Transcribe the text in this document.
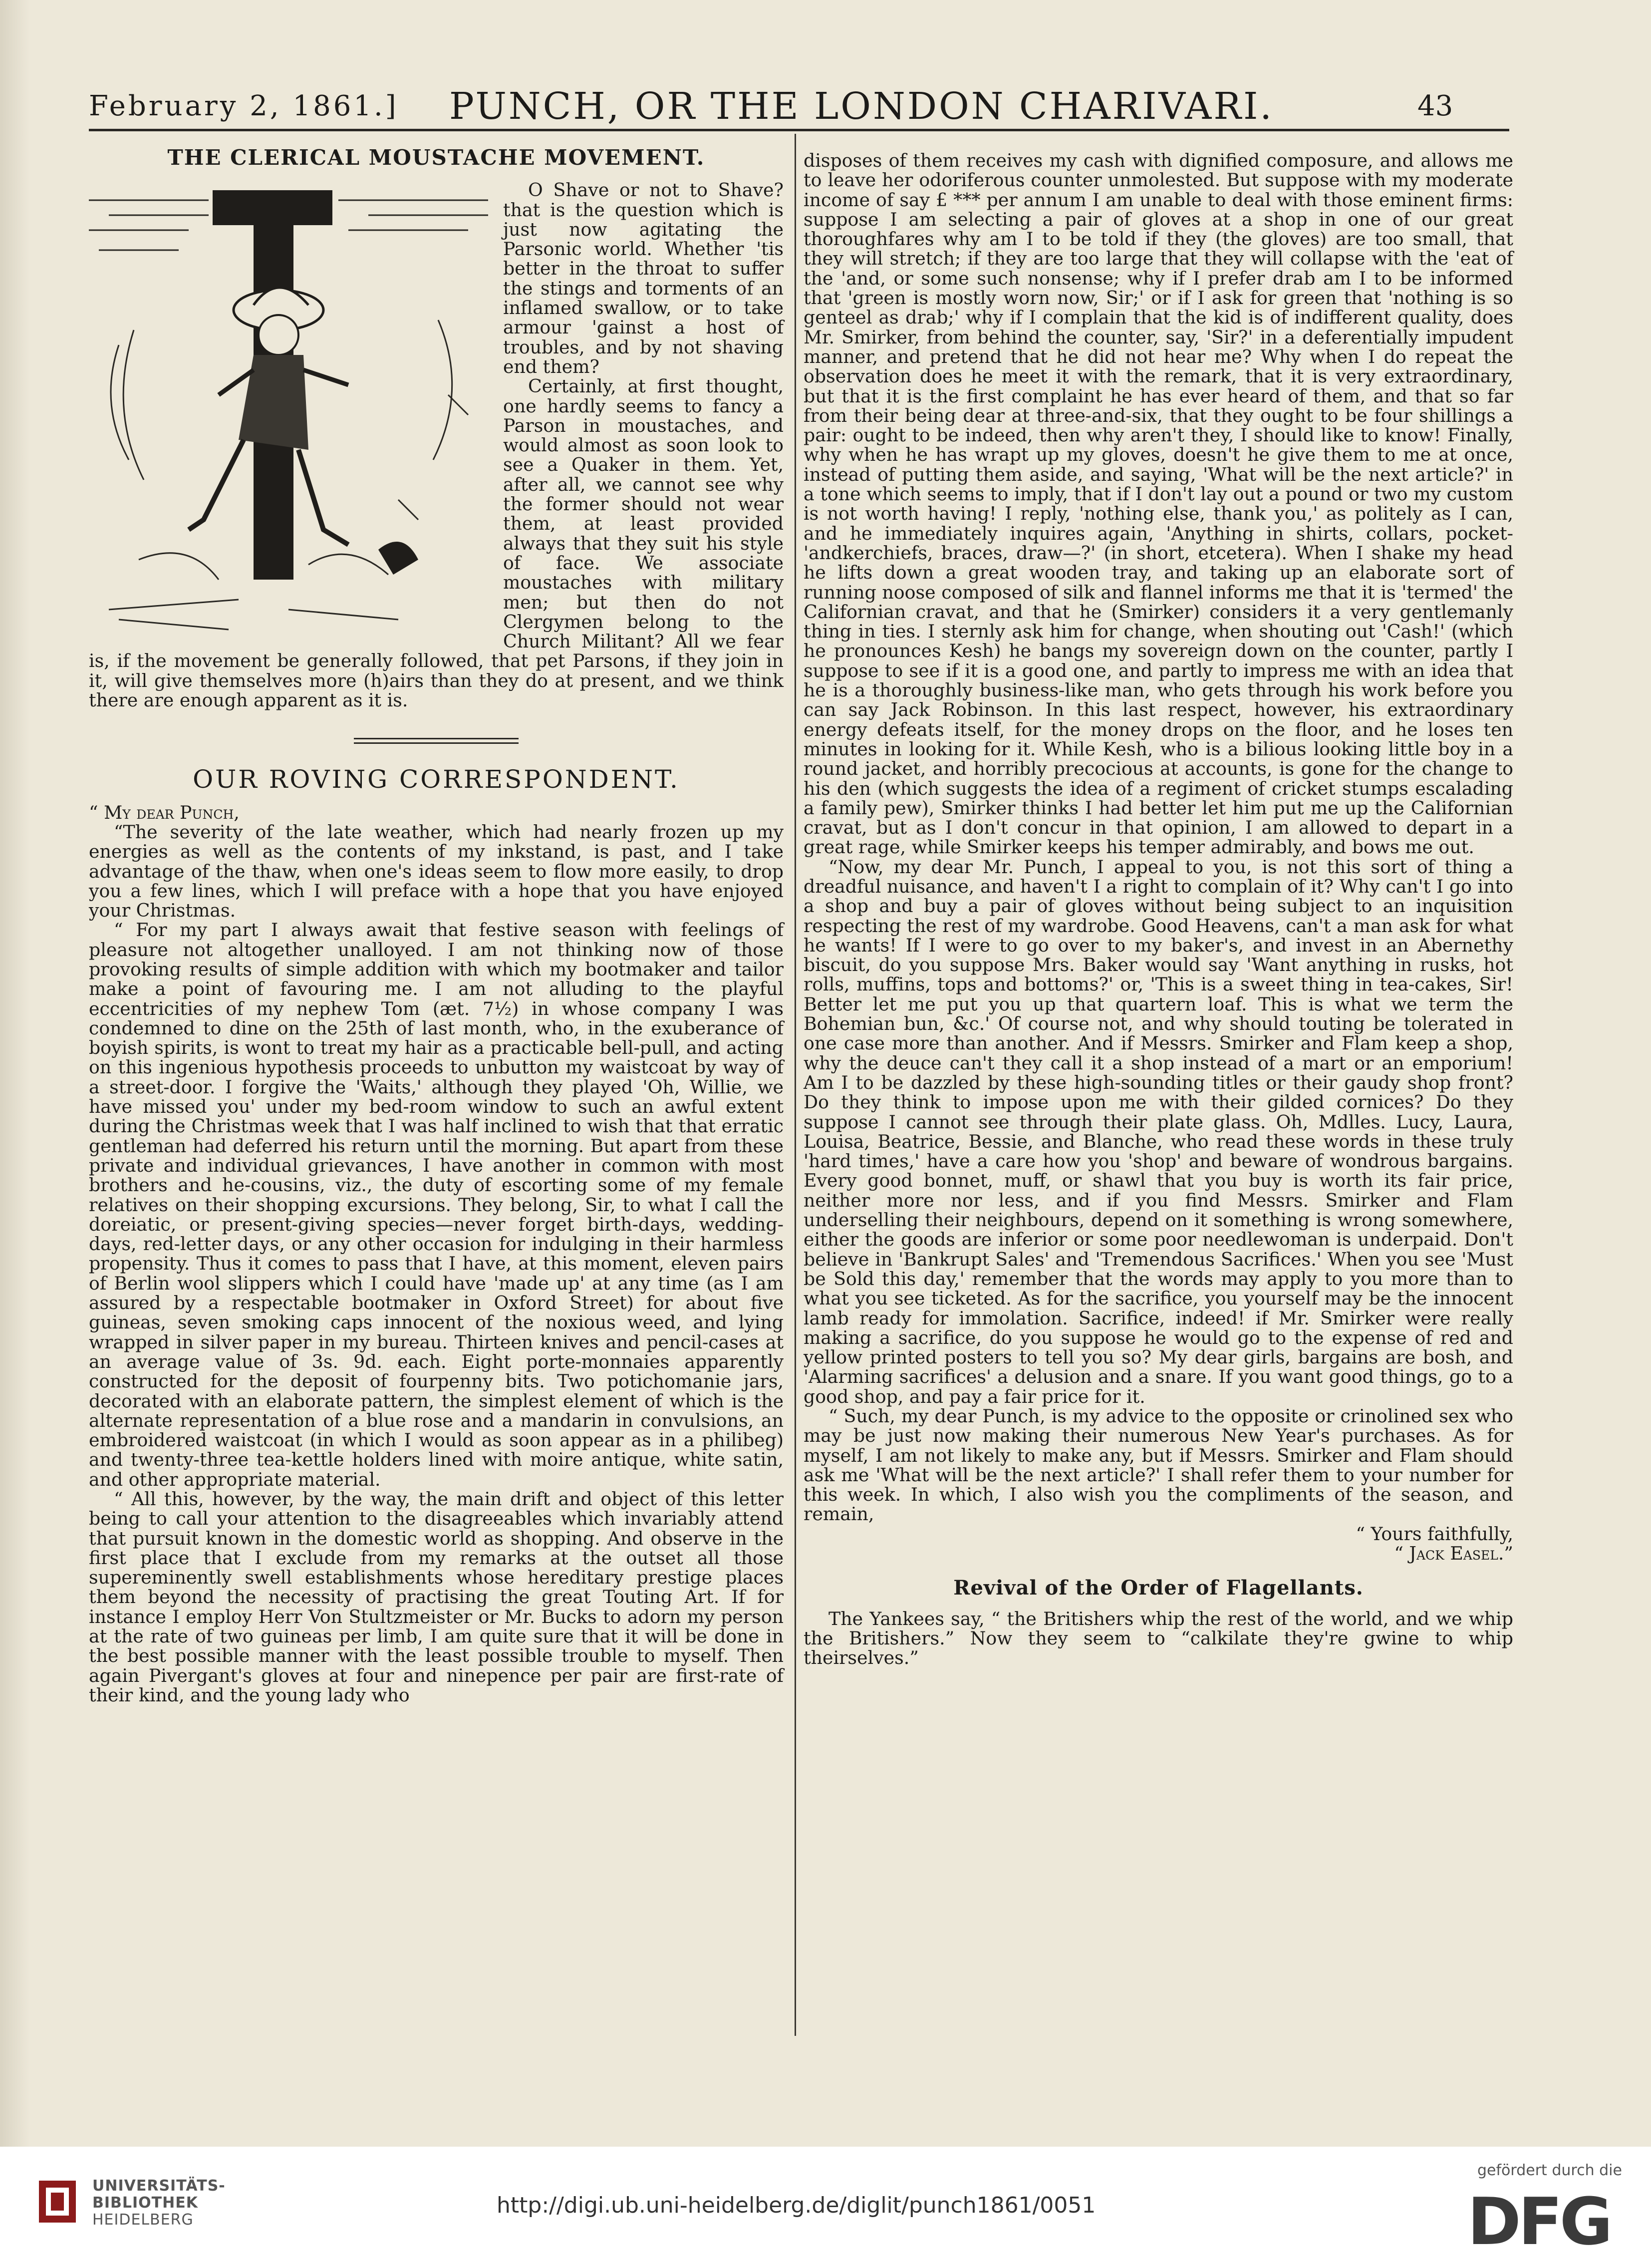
February 2, 1861.] PUNCH, OR THE LONDON CHARIVARI.	43
THE CLERICAL MOUSTACHE MOVEMENT.

O Shave or not to Shave? that is the question which is just now agitating the Parsonic world. Whether 'tis better in the throat to suffer the stings and torments of an inflamed swallow, or to take armour 'gainst a host of troubles, and by not shaving end them?

Certainly, at first thought, one hardly seems to fancy a Parson in moustaches, and would almost as soon look to see a Quaker in them. Yet, after all, we cannot see why the former should not wear them, at least provided always that they suit his style of face. We associate moustaches with military men; but then do not Clergymen belong to the Church Militant? All we fear is, if the movement be generally followed, that pet Parsons, if they join in it, will give themselves more (h)airs than they do at present, and we think there are enough apparent as it is.

OUR ROVING CORRESPONDENT.

“ My dear Punch,

“The severity of the late weather, which had nearly frozen up my energies as well as the contents of my inkstand, is past, and I take advantage of the thaw, when one's ideas seem to flow more easily, to drop you a few lines, which I will preface with a hope that you have enjoyed your Christmas.

“ For my part I always await that festive season with feelings of pleasure not altogether unalloyed. I am not thinking now of those provoking results of simple addition with which my bootmaker and tailor make a point of favouring me. I am not alluding to the playful eccentricities of my nephew Tom (æt. 7½) in whose company I was condemned to dine on the 25th of last month, who, in the exuberance of boyish spirits, is wont to treat my hair as a practicable bell-pull, and acting on this ingenious hypothesis proceeds to unbutton my waistcoat by way of a street-door. I forgive the 'Waits,' although they played 'Oh, Willie, we have missed you' under my bed-room window to such an awful extent during the Christmas week that I was half inclined to wish that that erratic gentleman had deferred his return until the morning. But apart from these private and individual grievances, I have another in common with most brothers and he-cousins, viz., the duty of escorting some of my female relatives on their shopping excursions. They belong, Sir, to what I call the doreiatic, or present-giving species—never forget birth-days, wedding-days, red-letter days, or any other occasion for indulging in their harmless propensity. Thus it comes to pass that I have, at this moment, eleven pairs of Berlin wool slippers which I could have 'made up' at any time (as I am assured by a respectable bootmaker in Oxford Street) for about five guineas, seven smoking caps innocent of the noxious weed, and lying wrapped in silver paper in my bureau. Thirteen knives and pencil-cases at an average value of 3s. 9d. each. Eight porte-monnaies apparently constructed for the deposit of fourpenny bits. Two potichomanie jars, decorated with an elaborate pattern, the simplest element of which is the alternate representation of a blue rose and a mandarin in convulsions, an embroidered waistcoat (in which I would as soon appear as in a philibeg) and twenty-three tea-kettle holders lined with moire antique, white satin, and other appropriate material.

“ All this, however, by the way, the main drift and object of this letter being to call your attention to the disagreeables which invariably attend that pursuit known in the domestic world as shopping. And observe in the first place that I exclude from my remarks at the outset all those supereminently swell establishments whose hereditary prestige places them beyond the necessity of practising the great Touting Art. If for instance I employ Herr Von Stultzmeister or Mr. Bucks to adorn my person at the rate of two guineas per limb, I am quite sure that it will be done in the best possible manner with the least possible trouble to myself. Then again Pivergant's gloves at four and ninepence per pair are first-rate of their kind, and the young lady who

disposes of them receives my cash with dignified composure, and allows me to leave her odoriferous counter unmolested. But suppose with my moderate income of say £ *** per annum I am unable to deal with those eminent firms: suppose I am selecting a pair of gloves at a shop in one of our great thoroughfares why am I to be told if they (the gloves) are too small, that they will stretch; if they are too large that they will collapse with the 'eat of the 'and, or some such nonsense; why if I prefer drab am I to be informed that 'green is mostly worn now, Sir;' or if I ask for green that 'nothing is so genteel as drab;' why if I complain that the kid is of indifferent quality, does Mr. Smirker, from behind the counter, say, 'Sir?' in a deferentially impudent manner, and pretend that he did not hear me? Why when I do repeat the observation does he meet it with the remark, that it is very extraordinary, but that it is the first complaint he has ever heard of them, and that so far from their being dear at three-and-six, that they ought to be four shillings a pair: ought to be indeed, then why aren't they, I should like to know! Finally, why when he has wrapt up my gloves, doesn't he give them to me at once, instead of putting them aside, and saying, 'What will be the next article?' in a tone which seems to imply, that if I don't lay out a pound or two my custom is not worth having! I reply, 'nothing else, thank you,' as politely as I can, and he immediately inquires again, 'Anything in shirts, collars, pocket-'andkerchiefs, braces, draw—?' (in short, etcetera). When I shake my head he lifts down a great wooden tray, and taking up an elaborate sort of running noose composed of silk and flannel informs me that it is 'termed' the Californian cravat, and that he (Smirker) considers it a very gentlemanly thing in ties. I sternly ask him for change, when shouting out 'Cash!' (which he pronounces Kesh) he bangs my sovereign down on the counter, partly I suppose to see if it is a good one, and partly to impress me with an idea that he is a thoroughly business-like man, who gets through his work before you can say Jack Robinson. In this last respect, however, his extraordinary energy defeats itself, for the money drops on the floor, and he loses ten minutes in looking for it. While Kesh, who is a bilious looking little boy in a round jacket, and horribly precocious at accounts, is gone for the change to his den (which suggests the idea of a regiment of cricket stumps escalading a family pew), Smirker thinks I had better let him put me up the Californian cravat, but as I don't concur in that opinion, I am allowed to depart in a great rage, while Smirker keeps his temper admirably, and bows me out.

“Now, my dear Mr. Punch, I appeal to you, is not this sort of thing a dreadful nuisance, and haven't I a right to complain of it? Why can't I go into a shop and buy a pair of gloves without being subject to an inquisition respecting the rest of my wardrobe. Good Heavens, can't a man ask for what he wants! If I were to go over to my baker's, and invest in an Abernethy biscuit, do you suppose Mrs. Baker would say 'Want anything in rusks, hot rolls, muffins, tops and bottoms?' or, 'This is a sweet thing in tea-cakes, Sir! Better let me put you up that quartern loaf. This is what we term the Bohemian bun, &c.' Of course not, and why should touting be tolerated in one case more than another. And if Messrs. Smirker and Flam keep a shop, why the deuce can't they call it a shop instead of a mart or an emporium! Am I to be dazzled by these high-sounding titles or their gaudy shop front? Do they think to impose upon me with their gilded cornices? Do they suppose I cannot see through their plate glass. Oh, Mdlles. Lucy, Laura, Louisa, Beatrice, Bessie, and Blanche, who read these words in these truly 'hard times,' have a care how you 'shop' and beware of wondrous bargains. Every good bonnet, muff, or shawl that you buy is worth its fair price, neither more nor less, and if you find Messrs. Smirker and Flam underselling their neighbours, depend on it something is wrong somewhere, either the goods are inferior or some poor needlewoman is underpaid. Don't believe in 'Bankrupt Sales' and 'Tremendous Sacrifices.' When you see 'Must be Sold this day,' remember that the words may apply to you more than to what you see ticketed. As for the sacrifice, you yourself may be the innocent lamb ready for immolation. Sacrifice, indeed! if Mr. Smirker were really making a sacrifice, do you suppose he would go to the expense of red and yellow printed posters to tell you so? My dear girls, bargains are bosh, and 'Alarming sacrifices' a delusion and a snare. If you want good things, go to a good shop, and pay a fair price for it.

“ Such, my dear Punch, is my advice to the opposite or crinolined sex who may be just now making their numerous New Year's purchases. As for myself, I am not likely to make any, but if Messrs. Smirker and Flam should ask me 'What will be the next article?' I shall refer them to your number for this week. In which, I also wish you the compliments of the season, and remain,

“ Yours faithfully,

“ Jack Easel.”

Revival of the Order of Flagellants.

The Yankees say, “ the Britishers whip the rest of the world, and we whip the Britishers.” Now they seem to “calkilate they're gwine to whip theirselves.”

UNIVERSITÄTS-
BIBLIOTHEK
HEIDELBERG
http://digi.ub.uni-heidelberg.de/diglit/punch1861/0051
gefördert durch die
DFG
